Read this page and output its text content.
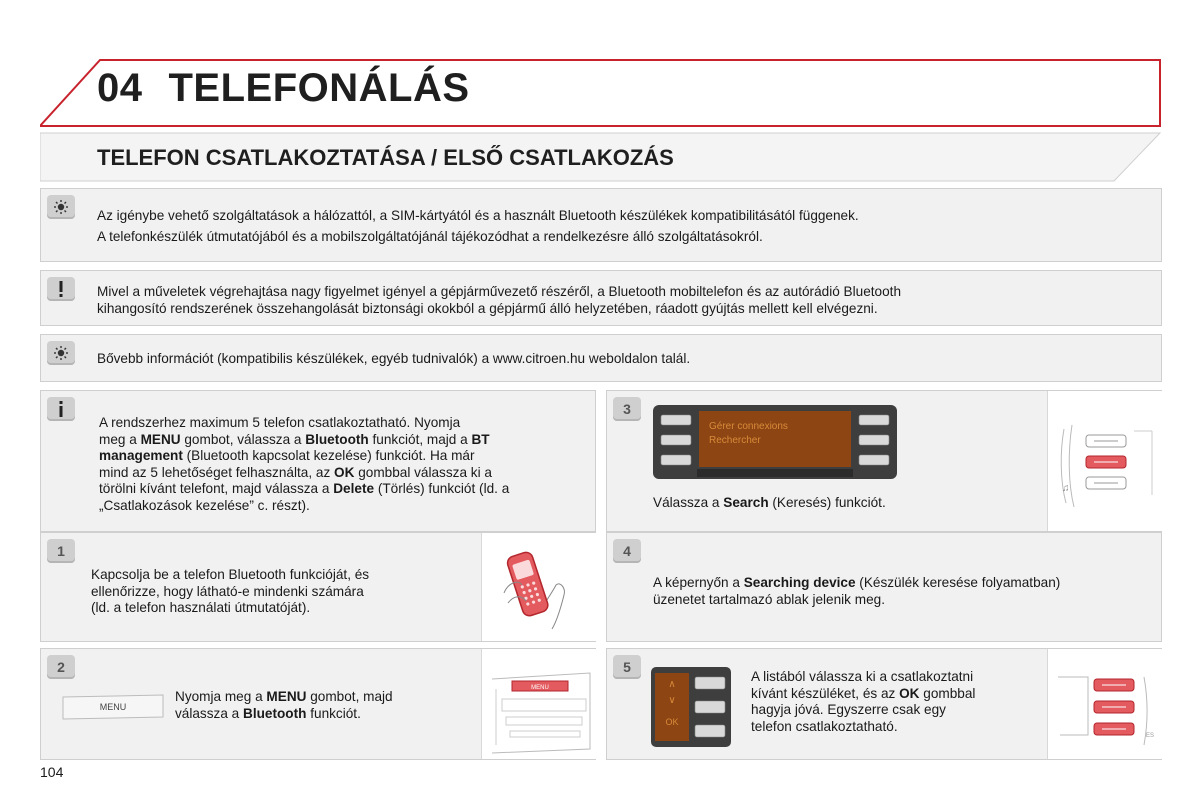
04 TELEFONÁLÁS
TELEFON CSATLAKOZTATÁSA / ELSŐ CSATLAKOZÁS
Az igénybe vehető szolgáltatások a hálózattól, a SIM-kártyától és a használt Bluetooth készülékek kompatibilitásától függenek.
A telefonkészülék útmutatójából és a mobilszolgáltatójánál tájékozódhat a rendelkezésre álló szolgáltatásokról.
Mivel a műveletek végrehajtása nagy figyelmet igényel a gépjárművezető részéről, a Bluetooth mobiltelefon és az autórádió Bluetooth
kihangosító rendszerének összehangolását biztonsági okokból a gépjármű álló helyzetében, ráadott gyújtás mellett kell elvégezni.
Bővebb információt (kompatibilis készülékek, egyéb tudnivalók) a www.citroen.hu weboldalon talál.
A rendszerhez maximum 5 telefon csatlakoztatható. Nyomja
meg a MENU gombot, válassza a Bluetooth funkciót, majd a BT
management (Bluetooth kapcsolat kezelése) funkciót. Ha már
mind az 5 lehetőséget felhasználta, az OK gombbal válassza ki a
törölni kívánt telefont, majd válassza a Delete (Törlés) funkciót (ld. a
„Csatlakozások kezelése” c. részt).
1
Kapcsolja be a telefon Bluetooth funkcióját, és
ellenőrizze, hogy látható-e mindenki számára
(ld. a telefon használati útmutatóját).
2
MENU
Nyomja meg a MENU gombot, majd
válassza a Bluetooth funkciót.
MENU
3
Gérer connexions
Rechercher
Válassza a Search (Keresés) funkciót.
♫
4
A képernyőn a Searching device (Készülék keresése folyamatban)
üzenetet tartalmazó ablak jelenik meg.
5
∧
∨
OK
A listából válassza ki a csatlakoztatni
kívánt készüléket, és az OK gombbal
hagyja jóvá. Egyszerre csak egy
telefon csatlakoztatható.
ES
104
